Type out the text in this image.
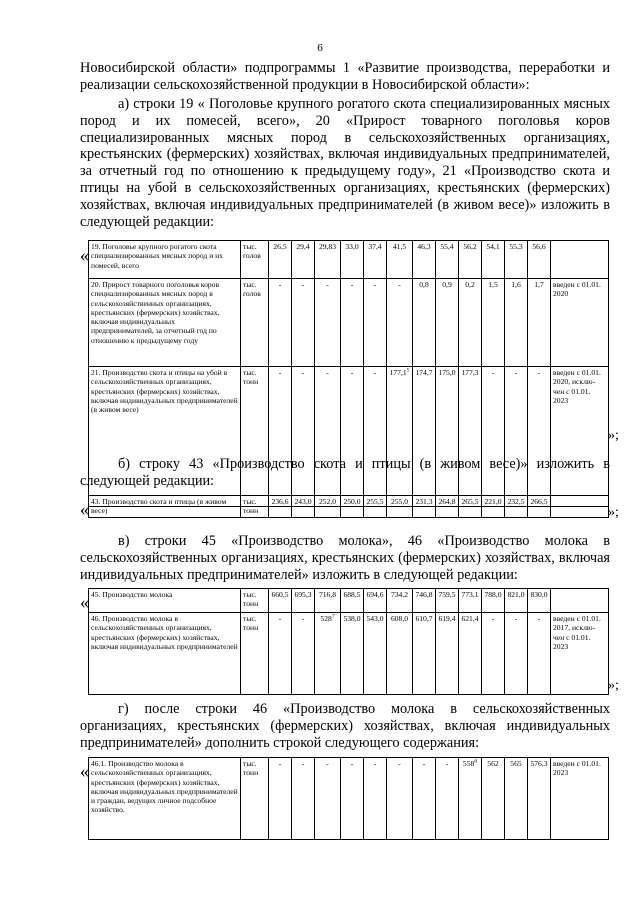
6

Новосибирской области» подпрограммы 1 «Развитие производства, переработки и реализации сельскохозяйственной продукции в Новосибирской области»:

а) строки 19 « Поголовье крупного рогатого скота специализированных мясных пород и их помесей, всего», 20 «Прирост товарного поголовья коров специализированных мясных пород в сельскохозяйственных организациях, крестьянских (фермерских) хозяйствах, включая индивидуальных предпринимателей, за отчетный год по отношению к предыдущему году», 21 «Производство скота и птицы на убой в сельскохозяйственных организациях, крестьянских (фермерских) хозяйствах, включая индивидуальных предпринимателей (в живом весе)» изложить в следующей редакции:

« 19. Поголовье крупного рогатого скота специализированных мясных пород и их помесей, всего	тыс. голов	26,5	29,4	29,83	33,0	37,4	41,5	46,3	55,4	56,2	54,1	55,3	56,6	
20. Прирост товарного поголовья коров специализированных мясных пород в сельскохозяйственных организациях, крестьянских (фермерских) хозяйствах, включая индивидуальных предпринимателей, за отчетный год по отношению к предыдущему году	тыс. голов	-	-	-	-	-	-	0,8	0,9	0,2	1,5	1,6	1,7	введен с 01.01. 2020
21. Производство скота и птицы на убой в сельскохозяйственных организациях, крестьянских (фермерских) хозяйствах, включая индивидуальных предпринимателей (в живом весе)	тыс. тонн	-	-	-	-	-	177,1$^5$	174,7	175,0	177,3	-	-	-	введен с 01.01. 2020, исклю-чен с 01.01. 2023
»;

б) строку 43 «Производство скота и птицы (в живом весе)» изложить в следующей редакции:

« 43. Производство скота и птицы (в живом весе)	тыс. тонн	236,6	243,0	252,0	250,0	255,5	255,0	231,3	264,8	265,5	221,0	232,5	266,5	
»;

в) строки 45 «Производство молока», 46 «Производство молока в сельскохозяйственных организациях, крестьянских (фермерских) хозяйствах, включая индивидуальных предпринимателей» изложить в следующей редакции:

« 45. Производство молока	тыс. тонн	660,5	695,3	716,8	688,5	694,6	734,2	746,8	759,5	773,1	788,0	821,0	830,0	
46. Производство молока в сельскохозяйственных организациях, крестьянских (фермерских) хозяйствах, включая индивидуальных предпринимателей	тыс. тонн	-	-	$528^7$	538,0	543,0	608,0	610,7	619,4	621,4	-	-	-	введен с 01.01. 2017, исклю-чен с 01.01. 2023
»;

г) после строки 46 «Производство молока в сельскохозяйственных организациях, крестьянских (фермерских) хозяйствах, включая индивидуальных предпринимателей» дополнить строкой следующего содержания:

« 46.1. Производство молока в сельскохозяйственных организациях, крестьянских (фермерских) хозяйствах, включая индивидуальных предпринимателей и граждан, ведущих личное подсобное хозяйство.	тыс. тонн	-	-	-	-	-	-	-	-	$558^6$	562	565	576,3	введен с 01.01. 2023
